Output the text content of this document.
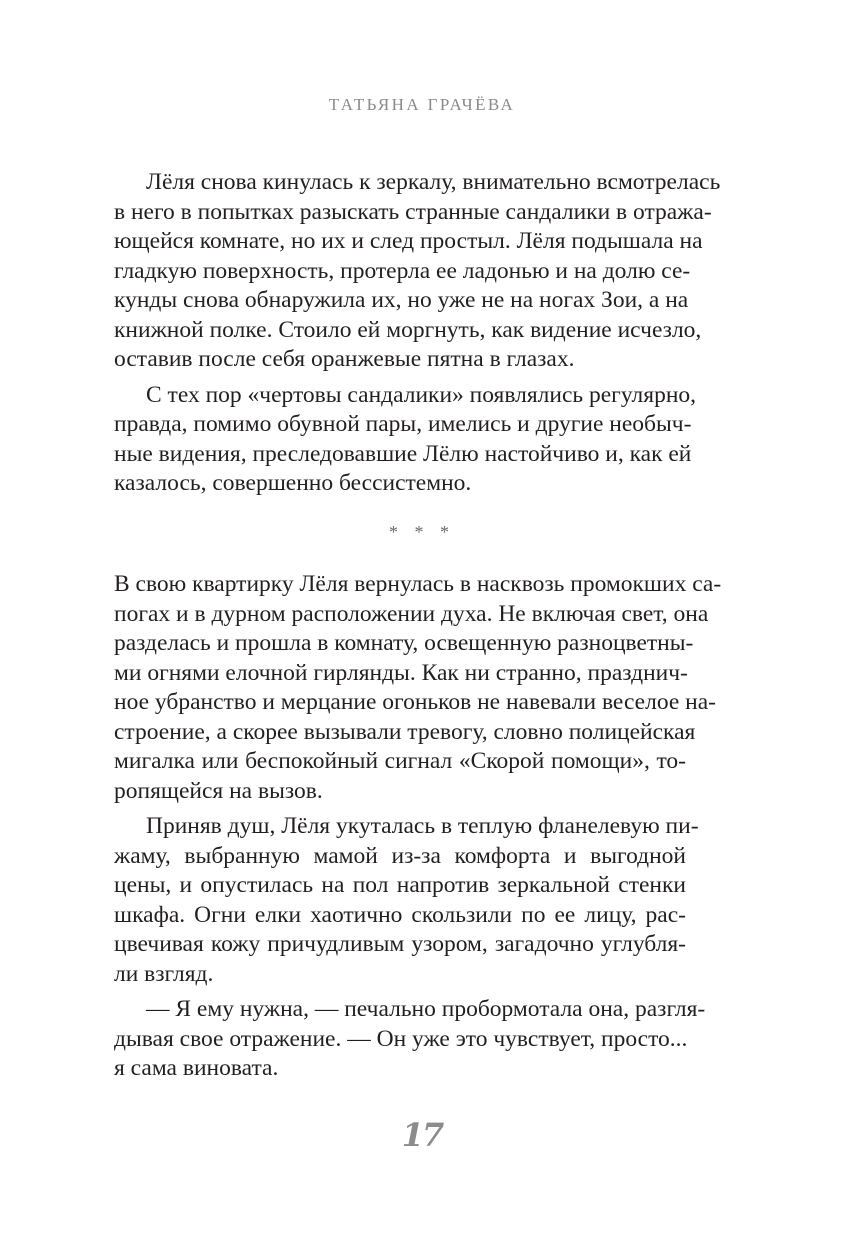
ТАТЬЯНА ГРАЧЁВА
Лёля снова кинулась к зеркалу, внимательно всмотрелась
в него в попытках разыскать странные сандалики в отража-
ющейся комнате, но их и след простыл. Лёля подышала на
гладкую поверхность, протерла ее ладонью и на долю се-
кунды снова обнаружила их, но уже не на ногах Зои, а на
книжной полке. Стоило ей моргнуть, как видение исчезло,
оставив после себя оранжевые пятна в глазах.
С тех пор «чертовы сандалики» появлялись регулярно,
правда, помимо обувной пары, имелись и другие необыч-
ные видения, преследовавшие Лёлю настойчиво и, как ей
казалось, совершенно бессистемно.
* * *
В свою квартирку Лёля вернулась в насквозь промокших са-
погах и в дурном расположении духа. Не включая свет, она
разделась и прошла в комнату, освещенную разноцветны-
ми огнями елочной гирлянды. Как ни странно, празднич-
ное убранство и мерцание огоньков не навевали веселое на-
строение, а скорее вызывали тревогу, словно полицейская
мигалка или беспокойный сигнал «Скорой помощи», то-
ропящейся на вызов.
Приняв душ, Лёля укуталась в теплую фланелевую пи-
жаму, выбранную мамой из-за комфорта и выгодной
цены, и опустилась на пол напротив зеркальной стенки
шкафа. Огни елки хаотично скользили по ее лицу, рас-
цвечивая кожу причудливым узором, загадочно углубля-
ли взгляд.
— Я ему нужна, — печально пробормотала она, разгля-
дывая свое отражение. — Он уже это чувствует, просто...
я сама виновата.
17
